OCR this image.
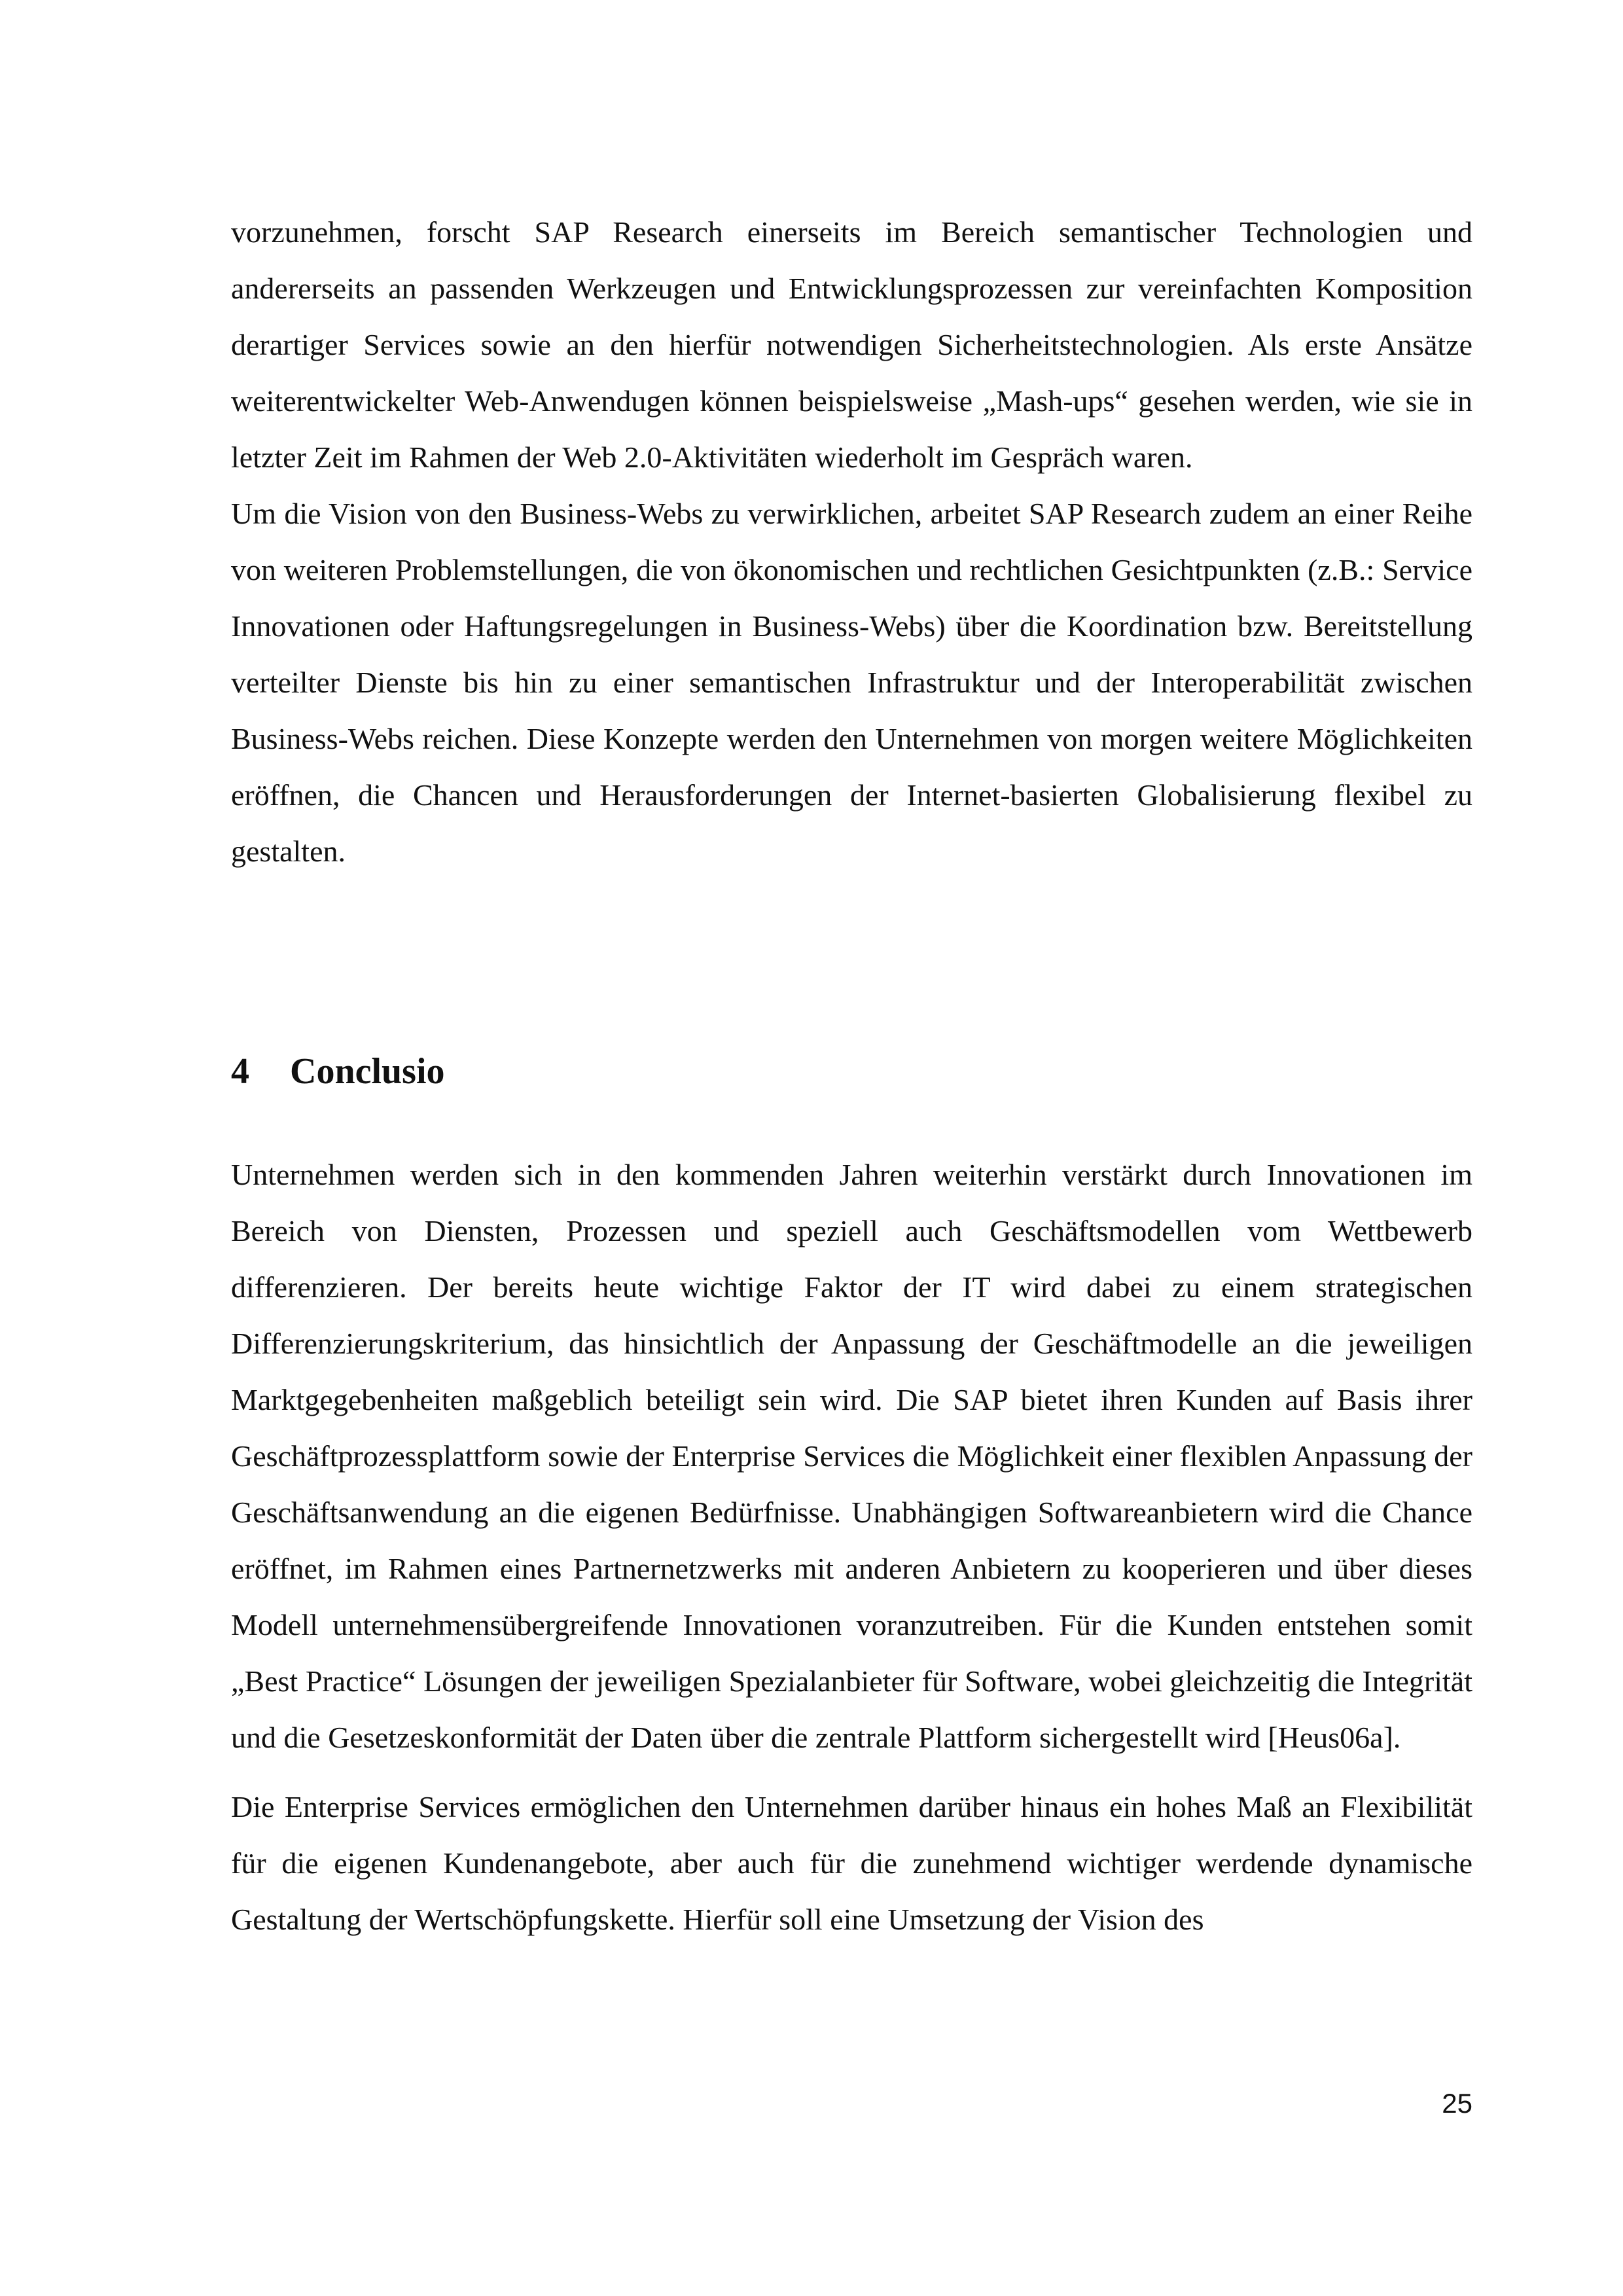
vorzunehmen, forscht SAP Research einerseits im Bereich semantischer Technologien und andererseits an passenden Werkzeugen und Entwicklungsprozessen zur vereinfachten Komposition derartiger Services sowie an den hierfür notwendigen Sicherheitstechnologien. Als erste Ansätze weiterentwickelter Web-Anwendugen können beispielsweise „Mash-ups“ gesehen werden, wie sie in letzter Zeit im Rahmen der Web 2.0-Aktivitäten wiederholt im Gespräch waren.

Um die Vision von den Business-Webs zu verwirklichen, arbeitet SAP Research zudem an einer Reihe von weiteren Problemstellungen, die von ökonomischen und rechtlichen Gesichtpunkten (z.B.: Service Innovationen oder Haftungsregelungen in Business-Webs) über die Koordination bzw. Bereitstellung verteilter Dienste bis hin zu einer semantischen Infrastruktur und der Interoperabilität zwischen Business-Webs reichen. Diese Konzepte werden den Unternehmen von morgen weitere Möglichkeiten eröffnen, die Chancen und Herausforderungen der Internet-basierten Globalisierung flexibel zu gestalten.

4	Conclusio

Unternehmen werden sich in den kommenden Jahren weiterhin verstärkt durch Innovationen im Bereich von Diensten, Prozessen und speziell auch Geschäftsmodellen vom Wettbewerb differenzieren. Der bereits heute wichtige Faktor der IT wird dabei zu einem strategischen Differenzierungskriterium, das hinsichtlich der Anpassung der Geschäftmodelle an die jeweiligen Marktgegebenheiten maßgeblich beteiligt sein wird. Die SAP bietet ihren Kunden auf Basis ihrer Geschäftprozessplattform sowie der Enterprise Services die Möglichkeit einer flexiblen Anpassung der Geschäftsanwendung an die eigenen Bedürfnisse. Unabhängigen Softwareanbietern wird die Chance eröffnet, im Rahmen eines Partnernetzwerks mit anderen Anbietern zu kooperieren und über dieses Modell unternehmensübergreifende Innovationen voranzutreiben. Für die Kunden entstehen somit „Best Practice“ Lösungen der jeweiligen Spezialanbieter für Software, wobei gleichzeitig die Integrität und die Gesetzeskonformität der Daten über die zentrale Plattform sichergestellt wird [Heus06a].

Die Enterprise Services ermöglichen den Unternehmen darüber hinaus ein hohes Maß an Flexibilität für die eigenen Kundenangebote, aber auch für die zunehmend wichtiger werdende dynamische Gestaltung der Wertschöpfungskette. Hierfür soll eine Umsetzung der Vision des

25
